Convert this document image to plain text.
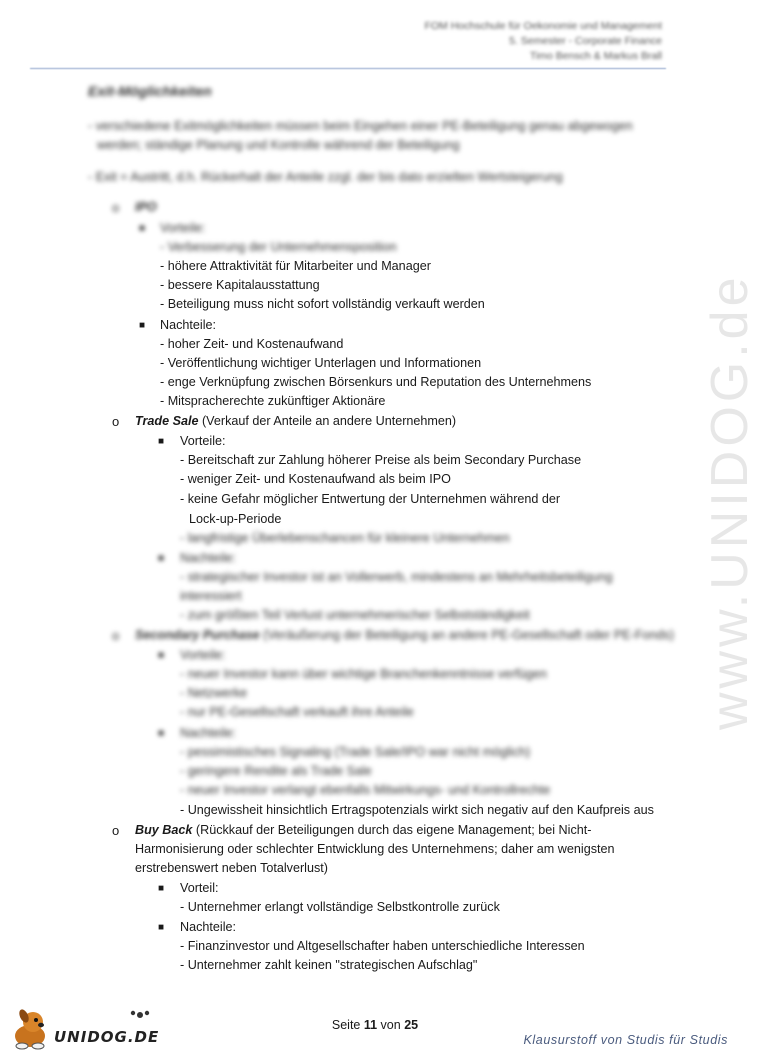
FOM Hochschule für Oekonomie und Management
5. Semester - Corporate Finance
Timo Bensch & Markus Brall
www.UNIDOG.de
Exit-Möglichkeiten
- verschiedene Exitmöglichkeiten müssen beim Eingehen einer PE-Beteiligung genau abgewogen
werden; ständige Planung und Kontrolle während der Beteiligung
- Exit = Austritt, d.h. Rückerhalt der Anteile zzgl. der bis dato erzielten Wertsteigerung
o IPO
■ Vorteile:
- Verbesserung der Unternehmensposition
- höhere Attraktivität für Mitarbeiter und Manager
- bessere Kapitalausstattung
- Beteiligung muss nicht sofort vollständig verkauft werden
■ Nachteile:
- hoher Zeit- und Kostenaufwand
- Veröffentlichung wichtiger Unterlagen und Informationen
- enge Verknüpfung zwischen Börsenkurs und Reputation des Unternehmens
- Mitspracherechte zukünftiger Aktionäre
o Trade Sale (Verkauf der Anteile an andere Unternehmen)
■ Vorteile:
- Bereitschaft zur Zahlung höherer Preise als beim Secondary Purchase
- weniger Zeit- und Kostenaufwand als beim IPO
- keine Gefahr möglicher Entwertung der Unternehmen während der
Lock-up-Periode
- langfristige Überlebenschancen für kleinere Unternehmen
■ Nachteile:
- strategischer Investor ist an Vollerwerb, mindestens an Mehrheitsbeteiligung
interessiert
- zum größten Teil Verlust unternehmerischer Selbstständigkeit
o Secondary Purchase (Veräußerung der Beteiligung an andere PE-Gesellschaft oder PE-Fonds)
■ Vorteile:
- neuer Investor kann über wichtige Branchenkenntnisse verfügen
- Netzwerke
- nur PE-Gesellschaft verkauft ihre Anteile
■ Nachteile:
- pessimistisches Signaling (Trade Sale/IPO war nicht möglich)
- geringere Rendite als Trade Sale
- neuer Investor verlangt ebenfalls Mitwirkungs- und Kontrollrechte
- Ungewissheit hinsichtlich Ertragspotenzials wirkt sich negativ auf den Kaufpreis aus
o Buy Back (Rückkauf der Beteiligungen durch das eigene Management; bei Nicht-
Harmonisierung oder schlechter Entwicklung des Unternehmens; daher am wenigsten
erstrebenswert neben Totalverlust)
■ Vorteil:
- Unternehmer erlangt vollständige Selbstkontrolle zurück
■ Nachteile:
- Finanzinvestor und Altgesellschafter haben unterschiedliche Interessen
- Unternehmer zahlt keinen "strategischen Aufschlag"
Seite 11 von 25
UNIDOG.DE	Klausurstoff von Studis für Studis
